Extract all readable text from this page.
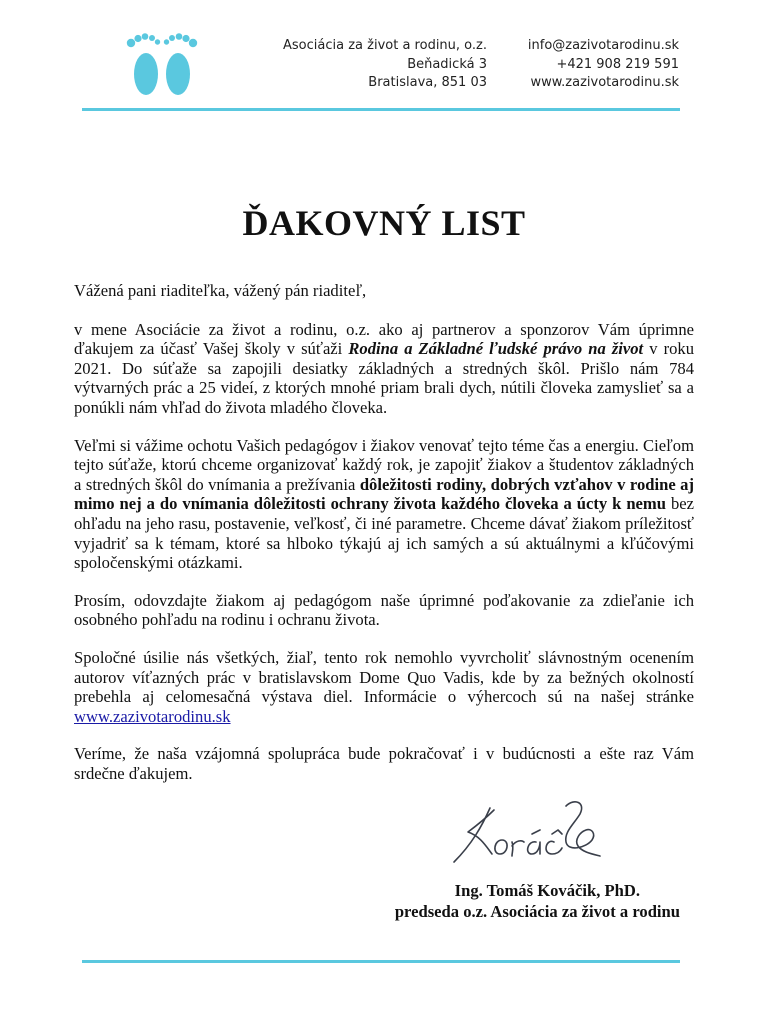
Asociácia za život a rodinu, o.z.
Beňadická 3
Bratislava, 851 03
info@zazivotarodinu.sk
+421 908 219 591
www.zazivotarodinu.sk
ĎAKOVNÝ LIST

Vážená pani riaditeľka, vážený pán riaditeľ,

v mene Asociácie za život a rodinu, o.z. ako aj partnerov a sponzorov Vám úprimne ďakujem za účasť Vašej školy v súťaži Rodina a Základné ľudské právo na život v roku 2021. Do súťaže sa zapojili desiatky základných a stredných škôl. Prišlo nám 784 výtvarných prác a 25 videí, z ktorých mnohé priam brali dych, nútili človeka zamyslieť sa a ponúkli nám vhľad do života mladého človeka.

Veľmi si vážime ochotu Vašich pedagógov i žiakov venovať tejto téme čas a energiu. Cieľom tejto súťaže, ktorú chceme organizovať každý rok, je zapojiť žiakov a študentov základných a stredných škôl do vnímania a prežívania dôležitosti rodiny, dobrých vzťahov v rodine aj mimo nej a do vnímania dôležitosti ochrany života každého človeka a úcty k nemu bez ohľadu na jeho rasu, postavenie, veľkosť, či iné parametre. Chceme dávať žiakom príležitosť vyjadriť sa k témam, ktoré sa hlboko týkajú aj ich samých a sú aktuálnymi a kľúčovými spoločenskými otázkami.

Prosím, odovzdajte žiakom aj pedagógom naše úprimné poďakovanie za zdieľanie ich osobného pohľadu na rodinu i ochranu života.

Spoločné úsilie nás všetkých, žiaľ, tento rok nemohlo vyvrcholiť slávnostným ocenením autorov víťazných prác v bratislavskom Dome Quo Vadis, kde by za bežných okolností prebehla aj celomesačná výstava diel. Informácie o výhercoch sú na našej stránke www.zazivotarodinu.sk

Veríme, že naša vzájomná spolupráca bude pokračovať i v budúcnosti a ešte raz Vám srdečne ďakujem.

Ing. Tomáš Kováčik, PhD.
predseda o.z. Asociácia za život a rodinu
